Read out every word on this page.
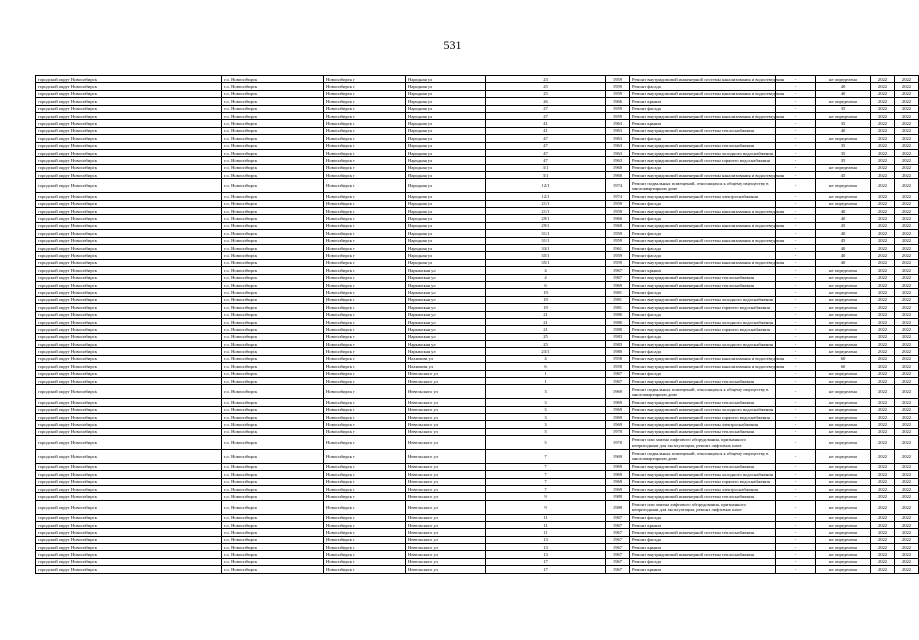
531
городской округ Новосибирск	г.о. Новосибирск	Новосибирск г	Народная ул	23	1959	Ремонт внутридомовой инженерной системы канализования и водоотведения	-	не определена	2022	2022
городской округ Новосибирск	г.о. Новосибирск	Новосибирск г	Народная ул	25	1959	Ремонт фасада	-	40	2022	2022
городской округ Новосибирск	г.о. Новосибирск	Новосибирск г	Народная ул	25	1959	Ремонт внутридомовой инженерной системы канализования и водоотведения	-	40	2022	2022
городской округ Новосибирск	г.о. Новосибирск	Новосибирск г	Народная ул	26	1966	Ремонт крыши	-	не определена	2022	2022
городской округ Новосибирск	г.о. Новосибирск	Новосибирск г	Народная ул	27	1959	Ремонт фасада	-	35	2022	2022
городской округ Новосибирск	г.о. Новосибирск	Новосибирск г	Народная ул	27	1959	Ремонт внутридомовой инженерной системы канализования и водоотведения	-	не определена	2022	2022
городской округ Новосибирск	г.о. Новосибирск	Новосибирск г	Народная ул	41	1963	Ремонт крыши	-	35	2022	2022
городской округ Новосибирск	г.о. Новосибирск	Новосибирск г	Народная ул	41	1963	Ремонт внутридомовой инженерной системы теплоснабжения	-	40	2022	2022
городской округ Новосибирск	г.о. Новосибирск	Новосибирск г	Народная ул	47	1963	Ремонт фасада	-	не определена	2022	2022
городской округ Новосибирск	г.о. Новосибирск	Новосибирск г	Народная ул	47	1963	Ремонт внутридомовой инженерной системы теплоснабжения	-	35	2022	2022
городской округ Новосибирск	г.о. Новосибирск	Новосибирск г	Народная ул	47	1963	Ремонт внутридомовой инженерной системы холодного водоснабжения	-	35	2022	2022
городской округ Новосибирск	г.о. Новосибирск	Новосибирск г	Народная ул	47	1963	Ремонт внутридомовой инженерной системы горячего водоснабжения	-	35	2022	2022
городской округ Новосибирск	г.о. Новосибирск	Новосибирск г	Народная ул	3/1	1960	Ремонт фасада	-	не определена	2022	2022
городской округ Новосибирск	г.о. Новосибирск	Новосибирск г	Народная ул	3/1	1960	Ремонт внутридомовой инженерной системы канализования и водоотведения	-	45	2022	2022
городской округ Новосибирск	г.о. Новосибирск	Новосибирск г	Народная ул	12/1	1974	Ремонт подвальных помещений, относящихся к общему имуществу в многоквартирном доме	-	не определена	2022	2022
городской округ Новосибирск	г.о. Новосибирск	Новосибирск г	Народная ул	12/1	1974	Ремонт внутридомовой инженерной системы электроснабжения	-	не определена	2022	2022
городской округ Новосибирск	г.о. Новосибирск	Новосибирск г	Народная ул	21/1	1959	Ремонт фасада	-	не определена	2022	2022
городской округ Новосибирск	г.о. Новосибирск	Новосибирск г	Народная ул	21/1	1959	Ремонт внутридомовой инженерной системы канализования и водоотведения	-	40	2022	2022
городской округ Новосибирск	г.о. Новосибирск	Новосибирск г	Народная ул	29/1	1960	Ремонт фасада	-	40	2022	2022
городской округ Новосибирск	г.о. Новосибирск	Новосибирск г	Народная ул	29/1	1960	Ремонт внутридомовой инженерной системы канализования и водоотведения	-	45	2022	2022
городской округ Новосибирск	г.о. Новосибирск	Новосибирск г	Народная ул	31/1	1959	Ремонт фасада	-	40	2022	2022
городской округ Новосибирск	г.о. Новосибирск	Новосибирск г	Народная ул	31/1	1959	Ремонт внутридомовой инженерной системы канализования и водоотведения	-	45	2022	2022
городской округ Новосибирск	г.о. Новосибирск	Новосибирск г	Народная ул	33/1	1961	Ремонт фасада	-	40	2022	2022
городской округ Новосибирск	г.о. Новосибирск	Новосибирск г	Народная ул	35/1	1959	Ремонт фасада	-	40	2022	2022
городской округ Новосибирск	г.о. Новосибирск	Новосибирск г	Народная ул	35/1	1959	Ремонт внутридомовой инженерной системы канализования и водоотведения	-	40	2022	2022
городской округ Новосибирск	г.о. Новосибирск	Новосибирск г	Нарымская ул	4	1967	Ремонт крыши	-	не определена	2022	2022
городской округ Новосибирск	г.о. Новосибирск	Новосибирск г	Нарымская ул	4	1967	Ремонт внутридомовой инженерной системы теплоснабжения	-	не определена	2022	2022
городской округ Новосибирск	г.о. Новосибирск	Новосибирск г	Нарымская ул	6	1969	Ремонт внутридомовой инженерной системы теплоснабжения	-	не определена	2022	2022
городской округ Новосибирск	г.о. Новосибирск	Новосибирск г	Нарымская ул	19	1981	Ремонт фасада	-	не определена	2022	2022
городской округ Новосибирск	г.о. Новосибирск	Новосибирск г	Нарымская ул	19	1981	Ремонт внутридомовой инженерной системы холодного водоснабжения	-	не определена	2022	2022
городской округ Новосибирск	г.о. Новосибирск	Новосибирск г	Нарымская ул	19	1981	Ремонт внутридомовой инженерной системы горячего водоснабжения	-	не определена	2022	2022
городской округ Новосибирск	г.о. Новосибирск	Новосибирск г	Нарымская ул	21	1980	Ремонт фасада	-	не определена	2022	2022
городской округ Новосибирск	г.о. Новосибирск	Новосибирск г	Нарымская ул	21	1980	Ремонт внутридомовой инженерной системы холодного водоснабжения	-	не определена	2022	2022
городской округ Новосибирск	г.о. Новосибирск	Новосибирск г	Нарымская ул	21	1980	Ремонт внутридомовой инженерной системы горячего водоснабжения	-	не определена	2022	2022
городской округ Новосибирск	г.о. Новосибирск	Новосибирск г	Нарымская ул	25	1983	Ремонт фасада	-	не определена	2022	2022
городской округ Новосибирск	г.о. Новосибирск	Новосибирск г	Нарымская ул	25	1983	Ремонт внутридомовой инженерной системы холодного водоснабжения	-	не определена	2022	2022
городской округ Новосибирск	г.о. Новосибирск	Новосибирск г	Нарымская ул	23/1	1980	Ремонт фасада	-	не определена	2022	2022
городской округ Новосибирск	г.о. Новосибирск	Новосибирск г	Нахимова ул	4	1958	Ремонт внутридомовой инженерной системы канализования и водоотведения	-	60	2022	2022
городской округ Новосибирск	г.о. Новосибирск	Новосибирск г	Нахимова ул	6	1958	Ремонт внутридомовой инженерной системы канализования и водоотведения	-	60	2022	2022
городской округ Новосибирск	г.о. Новосибирск	Новосибирск г	Невельского ул	1	1967	Ремонт фасада	-	не определена	2022	2022
городской округ Новосибирск	г.о. Новосибирск	Новосибирск г	Невельского ул	1	1967	Ремонт внутридомовой инженерной системы теплоснабжения	-	не определена	2022	2022
городской округ Новосибирск	г.о. Новосибирск	Новосибирск г	Невельского ул	3	1969	Ремонт подвальных помещений, относящихся к общему имуществу в многоквартирном доме	-	не определена	2022	2022
городской округ Новосибирск	г.о. Новосибирск	Новосибирск г	Невельского ул	3	1969	Ремонт внутридомовой инженерной системы теплоснабжения	-	не определена	2022	2022
городской округ Новосибирск	г.о. Новосибирск	Новосибирск г	Невельского ул	3	1969	Ремонт внутридомовой инженерной системы холодного водоснабжения	-	не определена	2022	2022
городской округ Новосибирск	г.о. Новосибирск	Новосибирск г	Невельского ул	3	1969	Ремонт внутридомовой инженерной системы горячего водоснабжения	-	не определена	2022	2022
городской округ Новосибирск	г.о. Новосибирск	Новосибирск г	Невельского ул	3	1969	Ремонт внутридомовой инженерной системы электроснабжения	-	не определена	2022	2022
городской округ Новосибирск	г.о. Новосибирск	Новосибирск г	Невельского ул	5	1970	Ремонт внутридомовой инженерной системы теплоснабжения	-	не определена	2022	2022
городской округ Новосибирск	г.о. Новосибирск	Новосибирск г	Невельского ул	5	1970	Ремонт или замена лифтового оборудования, признанного непригодным для эксплуатации, ремонт лифтовых шахт	-	не определена	2022	2022
городской округ Новосибирск	г.о. Новосибирск	Новосибирск г	Невельского ул	7	1969	Ремонт подвальных помещений, относящихся к общему имуществу в многоквартирном доме	-	не определена	2022	2022
городской округ Новосибирск	г.о. Новосибирск	Новосибирск г	Невельского ул	7	1969	Ремонт внутридомовой инженерной системы теплоснабжения	-	не определена	2022	2022
городской округ Новосибирск	г.о. Новосибирск	Новосибирск г	Невельского ул	7	1969	Ремонт внутридомовой инженерной системы холодного водоснабжения	-	не определена	2022	2022
городской округ Новосибирск	г.о. Новосибирск	Новосибирск г	Невельского ул	7	1969	Ремонт внутридомовой инженерной системы горячего водоснабжения	-	не определена	2022	2022
городской округ Новосибирск	г.о. Новосибирск	Новосибирск г	Невельского ул	7	1969	Ремонт внутридомовой инженерной системы электроснабжения	-	не определена	2022	2022
городской округ Новосибирск	г.о. Новосибирск	Новосибирск г	Невельского ул	9	1989	Ремонт внутридомовой инженерной системы теплоснабжения	-	не определена	2022	2022
городской округ Новосибирск	г.о. Новосибирск	Новосибирск г	Невельского ул	9	1989	Ремонт или замена лифтового оборудования, признанного непригодным для эксплуатации, ремонт лифтовых шахт	-	не определена	2022	2022
городской округ Новосибирск	г.о. Новосибирск	Новосибирск г	Невельского ул	11	1967	Ремонт фасада	-	не определена	2022	2022
городской округ Новосибирск	г.о. Новосибирск	Новосибирск г	Невельского ул	11	1967	Ремонт крыши	-	не определена	2022	2022
городской округ Новосибирск	г.о. Новосибирск	Новосибирск г	Невельского ул	11	1967	Ремонт внутридомовой инженерной системы теплоснабжения	-	не определена	2022	2022
городской округ Новосибирск	г.о. Новосибирск	Новосибирск г	Невельского ул	13	1967	Ремонт фасада	-	не определена	2022	2022
городской округ Новосибирск	г.о. Новосибирск	Новосибирск г	Невельского ул	13	1967	Ремонт крыши	-	не определена	2022	2022
городской округ Новосибирск	г.о. Новосибирск	Новосибирск г	Невельского ул	13	1967	Ремонт внутридомовой инженерной системы теплоснабжения	-	не определена	2022	2022
городской округ Новосибирск	г.о. Новосибирск	Новосибирск г	Невельского ул	17	1967	Ремонт фасада	-	не определена	2022	2022
городской округ Новосибирск	г.о. Новосибирск	Новосибирск г	Невельского ул	17	1967	Ремонт крыши	-	не определена	2022	2022
